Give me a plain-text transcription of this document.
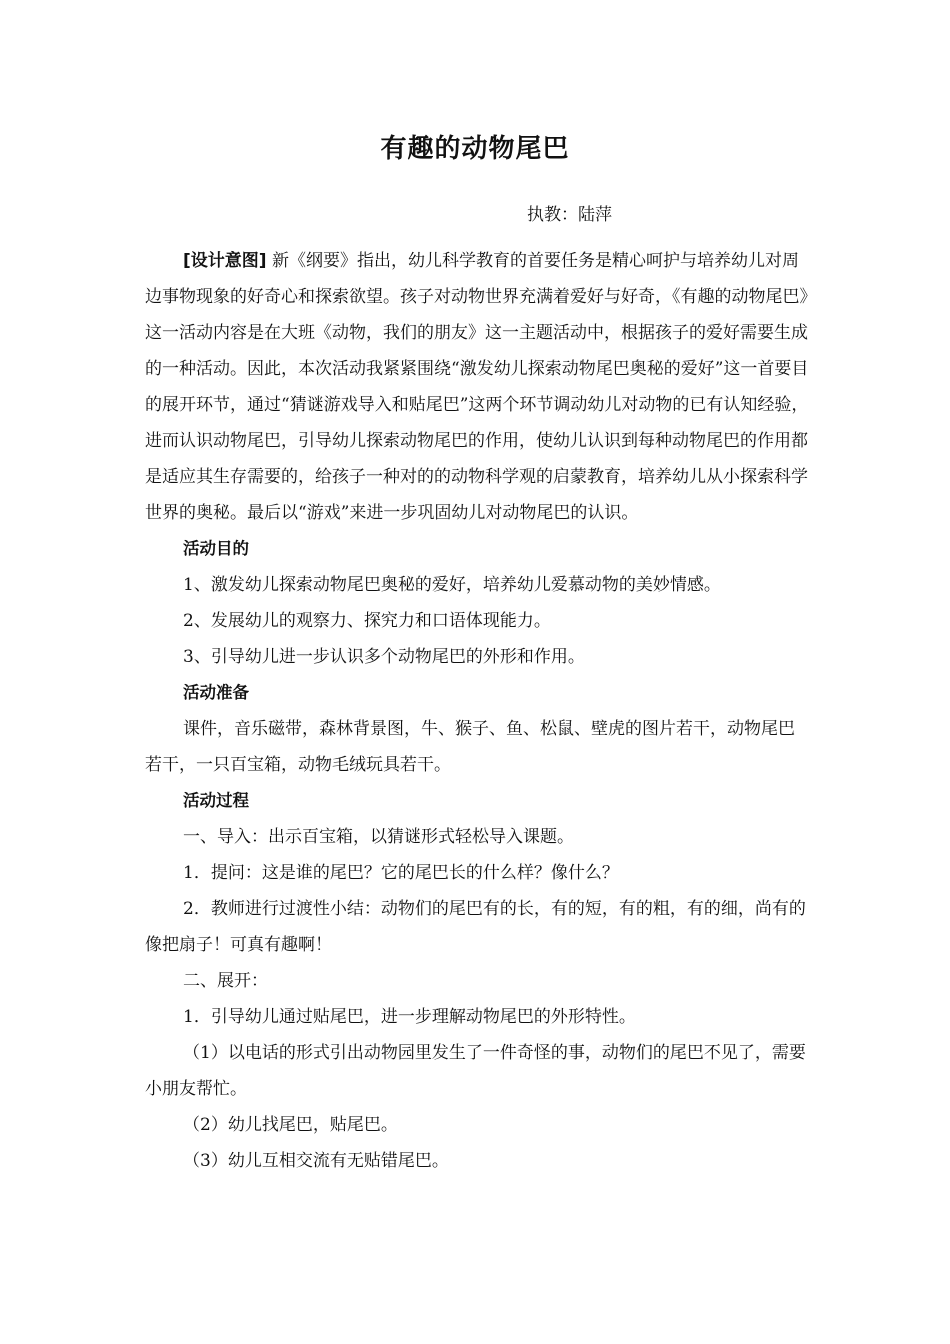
有趣的动物尾巴
执教：陆萍

[设计意图] 新《纲要》指出，幼儿科学教育的首要任务是精心呵护与培养幼儿对周边事物现象的好奇心和探索欲望。孩子对动物世界充满着爱好与好奇，《有趣的动物尾巴》这一活动内容是在大班《动物，我们的朋友》这一主题活动中，根据孩子的爱好需要生成的一种活动。因此，本次活动我紧紧围绕“激发幼儿探索动物尾巴奥秘的爱好”这一首要目的展开环节，通过“猜谜游戏导入和贴尾巴”这两个环节调动幼儿对动物的已有认知经验，进而认识动物尾巴，引导幼儿探索动物尾巴的作用，使幼儿认识到每种动物尾巴的作用都是适应其生存需要的，给孩子一种对的的动物科学观的启蒙教育，培养幼儿从小探索科学世界的奥秘。最后以“游戏”来进一步巩固幼儿对动物尾巴的认识。

活动目的

1、激发幼儿探索动物尾巴奥秘的爱好，培养幼儿爱慕动物的美妙情感。

2、发展幼儿的观察力、探究力和口语体现能力。

3、引导幼儿进一步认识多个动物尾巴的外形和作用。

活动准备

课件，音乐磁带，森林背景图，牛、猴子、鱼、松鼠、壁虎的图片若干，动物尾巴若干，一只百宝箱，动物毛绒玩具若干。

活动过程

一、导入：出示百宝箱，以猜谜形式轻松导入课题。

1．提问：这是谁的尾巴？它的尾巴长的什么样？像什么？

2．教师进行过渡性小结：动物们的尾巴有的长，有的短，有的粗，有的细，尚有的像把扇子！可真有趣啊！

二、展开：

1．引导幼儿通过贴尾巴，进一步理解动物尾巴的外形特性。

（1）以电话的形式引出动物园里发生了一件奇怪的事，动物们的尾巴不见了，需要小朋友帮忙。

（2）幼儿找尾巴，贴尾巴。

（3）幼儿互相交流有无贴错尾巴。
